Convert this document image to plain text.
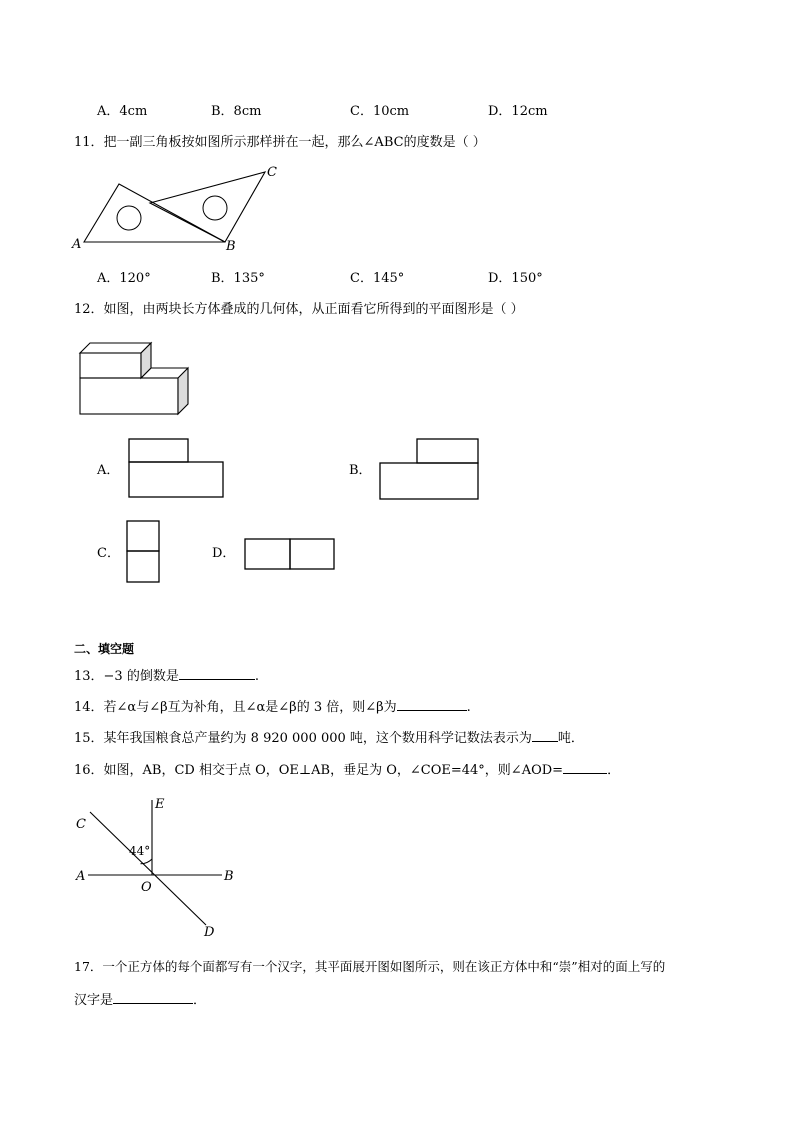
A．4cm	B．8cm	C．10cm	D．12cm
11．把一副三角板按如图所示那样拼在一起，那么∠ABC的度数是（ ）
A	B
C
A．120°	B．135°	C．145°	D．150°
12．如图，由两块长方体叠成的几何体，从正面看它所得到的平面图形是（ ）
A．	B．
C．	D．
二、填空题
13．−3 的倒数是	.
14．若∠α与∠β互为补角，且∠α是∠β的 3 倍，则∠β为	.
15．某年我国粮食总产量约为 8 920 000 000 吨，这个数用科学记数法表示为 吨．
16．如图，AB，CD 相交于点 O，OE⊥AB，垂足为 O，∠COE=44°，则∠AOD=	．
44°
E
C
A
O
B
D
17．一个正方体的每个面都写有一个汉字，其平面展开图如图所示，则在该正方体中和“崇”相对的面上写的
汉字是	．
